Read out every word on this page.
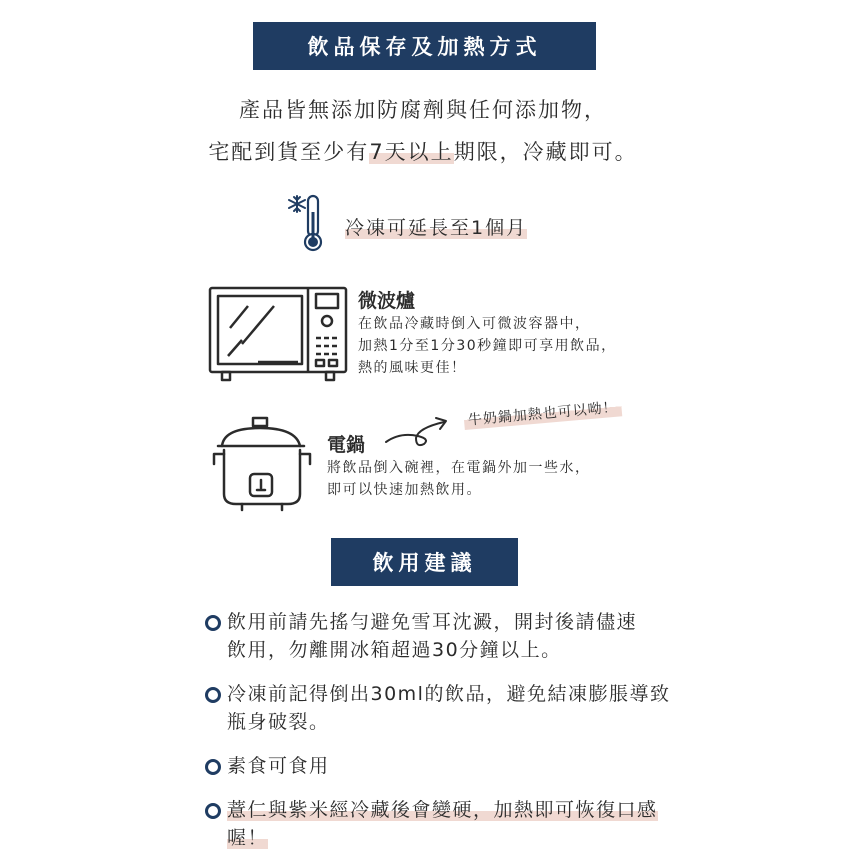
飲品保存及加熱方式
產品皆無添加防腐劑與任何添加物，
宅配到貨至少有7天以上期限，冷藏即可。
冷凍可延長至1個月
微波爐
在飲品冷藏時倒入可微波容器中，
加熱1分至1分30秒鐘即可享用飲品，
熱的風味更佳！
電鍋
將飲品倒入碗裡，在電鍋外加一些水，
即可以快速加熱飲用。
牛奶鍋加熱也可以呦！
飲用建議
飲用前請先搖勻避免雪耳沈澱，開封後請儘速飲用，勿離開冰箱超過30分鐘以上。
冷凍前記得倒出30ml的飲品，避免結凍膨脹導致瓶身破裂。
素食可食用
薏仁與紫米經冷藏後會變硬，加熱即可恢復口感喔！
